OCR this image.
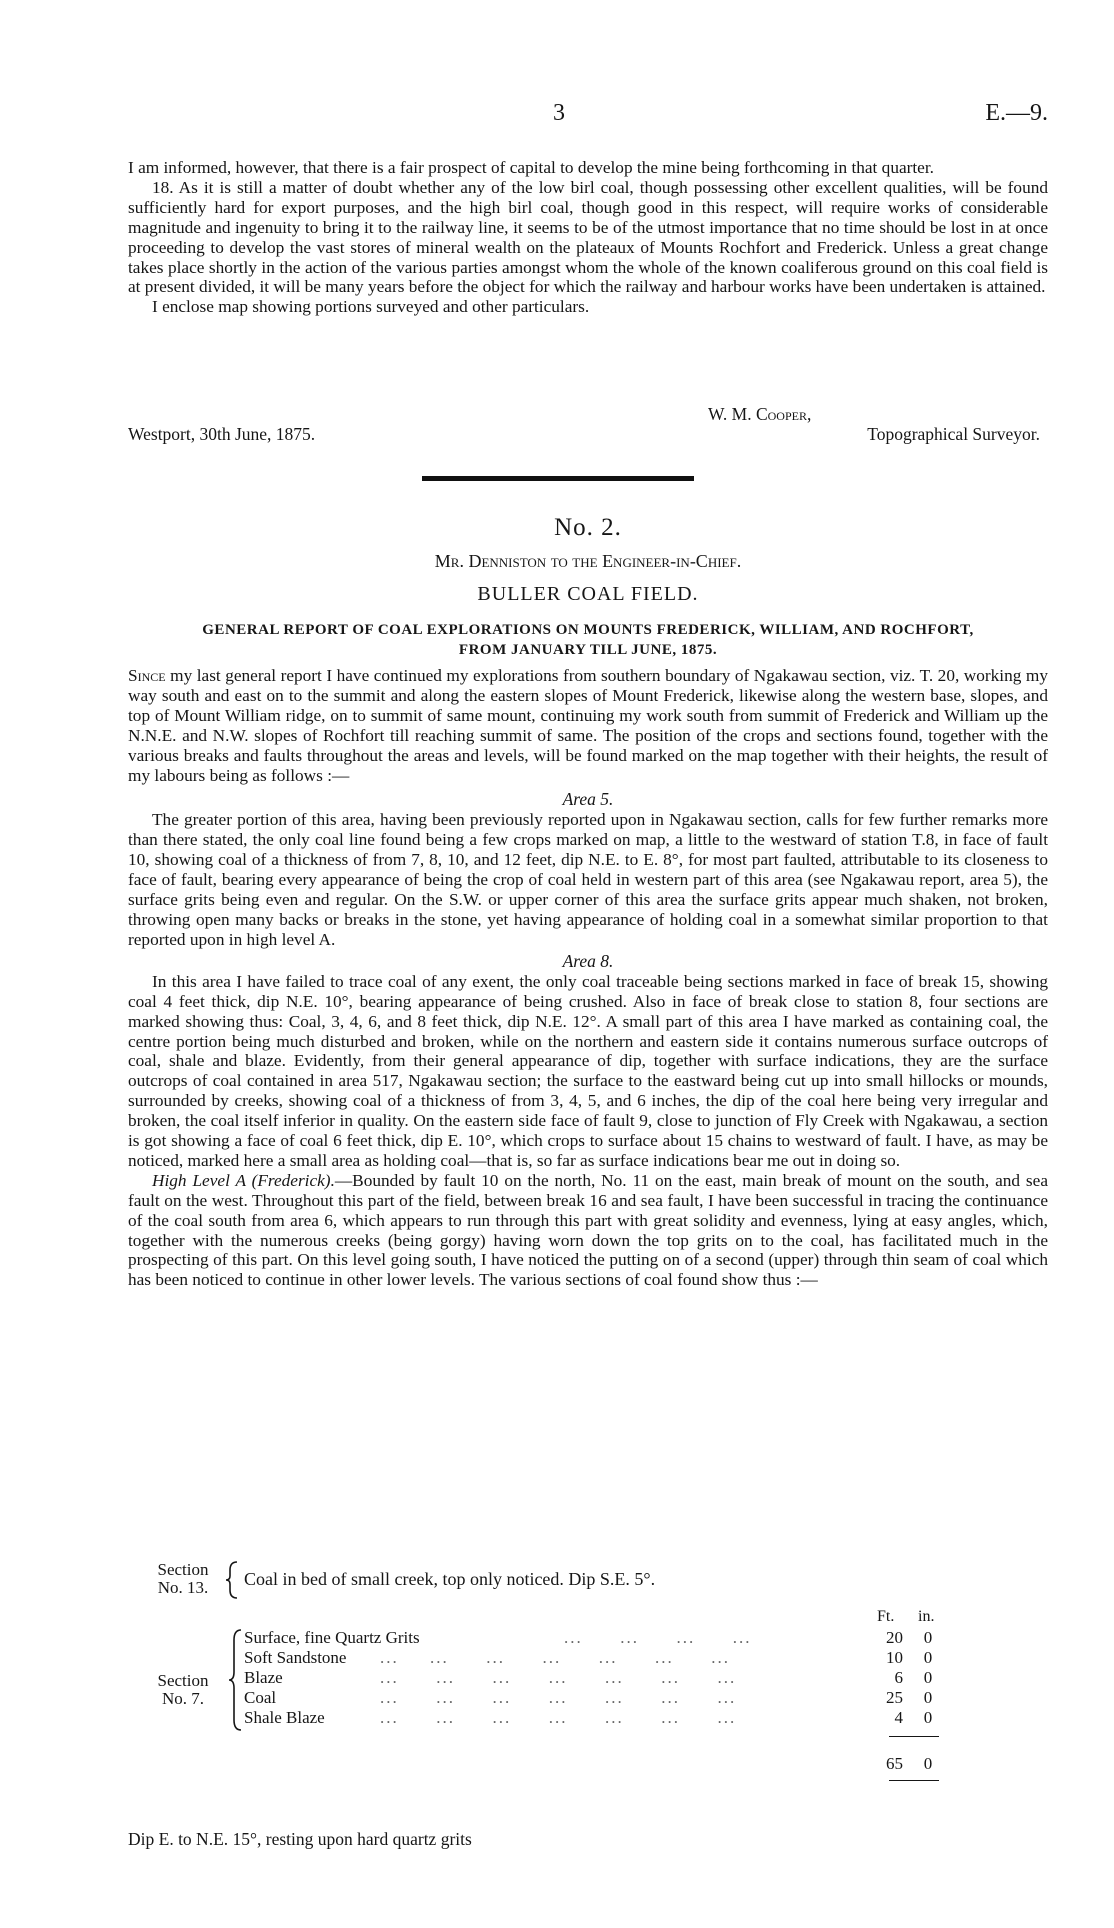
3	E.—9.

I am informed, however, that there is a fair prospect of capital to develop the mine being forthcoming in that quarter.

18. As it is still a matter of doubt whether any of the low birl coal, though possessing other excellent qualities, will be found sufficiently hard for export purposes, and the high birl coal, though good in this respect, will require works of considerable magnitude and ingenuity to bring it to the railway line, it seems to be of the utmost importance that no time should be lost in at once proceeding to develop the vast stores of mineral wealth on the plateaux of Mounts Rochfort and Frederick. Unless a great change takes place shortly in the action of the various parties amongst whom the whole of the known coaliferous ground on this coal field is at present divided, it will be many years before the object for which the railway and harbour works have been undertaken is attained.

I enclose map showing portions surveyed and other particulars.

W. M. Cooper,
Westport, 30th June, 1875.	Topographical Surveyor.
No. 2.
Mr. Denniston to the Engineer-in-Chief.
BULLER COAL FIELD.
GENERAL REPORT OF COAL EXPLORATIONS ON MOUNTS FREDERICK, WILLIAM, AND ROCHFORT,
FROM JANUARY TILL JUNE, 1875.

Since my last general report I have continued my explorations from southern boundary of Ngakawau section, viz. T. 20, working my way south and east on to the summit and along the eastern slopes of Mount Frederick, likewise along the western base, slopes, and top of Mount William ridge, on to summit of same mount, continuing my work south from summit of Frederick and William up the N.N.E. and N.W. slopes of Rochfort till reaching summit of same. The position of the crops and sections found, together with the various breaks and faults throughout the areas and levels, will be found marked on the map together with their heights, the result of my labours being as follows :—

Area 5.

The greater portion of this area, having been previously reported upon in Ngakawau section, calls for few further remarks more than there stated, the only coal line found being a few crops marked on map, a little to the westward of station T.8, in face of fault 10, showing coal of a thickness of from 7, 8, 10, and 12 feet, dip N.E. to E. 8°, for most part faulted, attributable to its closeness to face of fault, bearing every appearance of being the crop of coal held in western part of this area (see Ngakawau report, area 5), the surface grits being even and regular. On the S.W. or upper corner of this area the surface grits appear much shaken, not broken, throwing open many backs or breaks in the stone, yet having appearance of holding coal in a somewhat similar proportion to that reported upon in high level A.

Area 8.

In this area I have failed to trace coal of any exent, the only coal traceable being sections marked in face of break 15, showing coal 4 feet thick, dip N.E. 10°, bearing appearance of being crushed. Also in face of break close to station 8, four sections are marked showing thus: Coal, 3, 4, 6, and 8 feet thick, dip N.E. 12°. A small part of this area I have marked as containing coal, the centre portion being much disturbed and broken, while on the northern and eastern side it contains numerous surface outcrops of coal, shale and blaze. Evidently, from their general appearance of dip, together with surface indications, they are the surface outcrops of coal contained in area 517, Ngakawau section; the surface to the eastward being cut up into small hillocks or mounds, surrounded by creeks, showing coal of a thickness of from 3, 4, 5, and 6 inches, the dip of the coal here being very irregular and broken, the coal itself inferior in quality. On the eastern side face of fault 9, close to junction of Fly Creek with Ngakawau, a section is got showing a face of coal 6 feet thick, dip E. 10°, which crops to surface about 15 chains to westward of fault. I have, as may be noticed, marked here a small area as holding coal—that is, so far as surface indications bear me out in doing so.

High Level A (Frederick).—Bounded by fault 10 on the north, No. 11 on the east, main break of mount on the south, and sea fault on the west. Throughout this part of the field, between break 16 and sea fault, I have been successful in tracing the continuance of the coal south from area 6, which appears to run through this part with great solidity and evenness, lying at easy angles, which, together with the numerous creeks (being gorgy) having worn down the top grits on to the coal, has facilitated much in the prospecting of this part. On this level going south, I have noticed the putting on of a second (upper) through thin seam of coal which has been noticed to continue in other lower levels. The various sections of coal found show thus :—

Section
No. 13.	Coal in bed of small creek, top only noticed. Dip S.E. 5°.
Ft. in.
Surface, fine Quartz Grits	...      ...      ...      ...	20	0
Soft Sandstone ...     ...      ...      ...      ...      ...      ...	10	0
Blaze	...      ...      ...      ...      ...      ...      ...	6	0
Coal	...      ...      ...      ...      ...      ...      ...	25	0
Shale Blaze	...      ...      ...      ...      ...      ...      ...	4	0
65	0
Section
No. 7.
Dip E. to N.E. 15°, resting upon hard quartz grits
